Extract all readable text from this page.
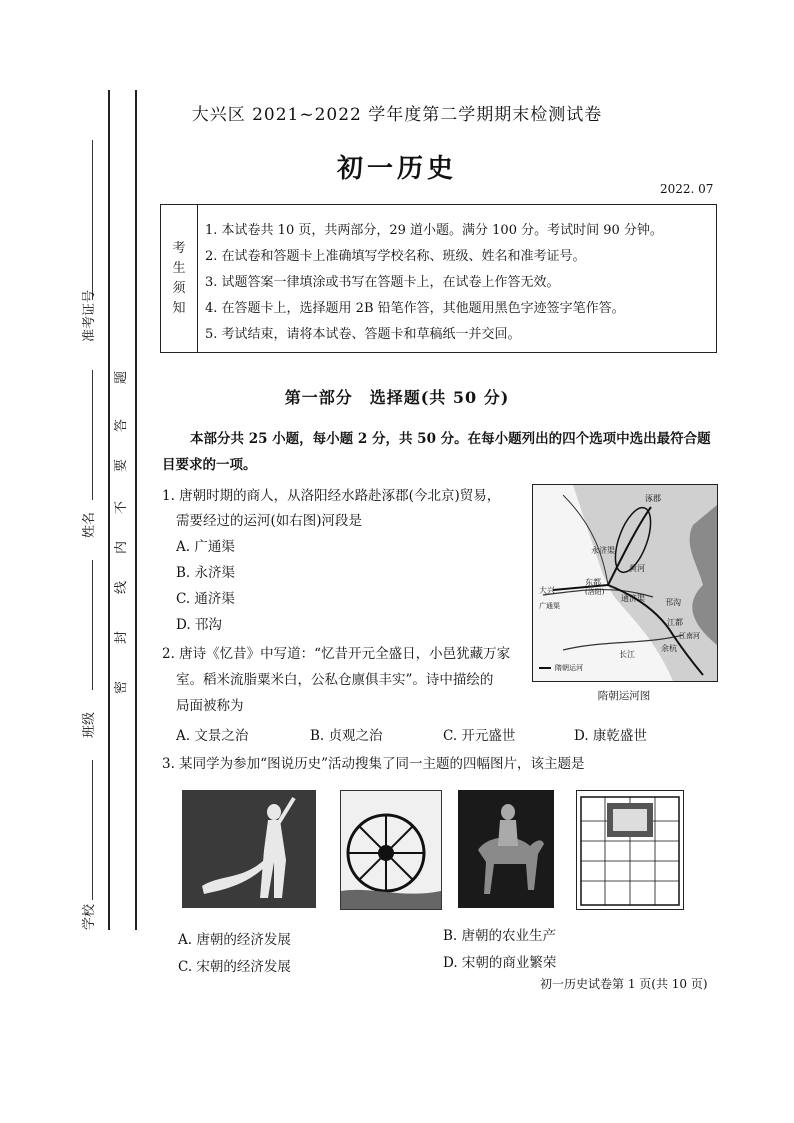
准考证号
姓名
班级
学校
密
封
线
内
不
要
答
题
大兴区 2021~2022 学年度第二学期期末检测试卷
初一历史
2022. 07
考
生
须
知
1. 本试卷共 10 页，共两部分，29 道小题。满分 100 分。考试时间 90 分钟。
2. 在试卷和答题卡上准确填写学校名称、班级、姓名和准考证号。
3. 试题答案一律填涂或书写在答题卡上，在试卷上作答无效。
4. 在答题卡上，选择题用 2B 铅笔作答，其他题用黑色字迹签字笔作答。
5. 考试结束，请将本试卷、答题卡和草稿纸一并交回。
第一部分　选择题(共 50 分)
本部分共 25 小题，每小题 2 分，共 50 分。在每小题列出的四个选项中选出最符合题
目要求的一项。
1. 唐朝时期的商人，从洛阳经水路赴涿郡(今北京)贸易，
需要经过的运河(如右图)河段是
A. 广通渠
B. 永济渠
C. 通济渠
D. 邗沟
涿郡
永济渠
通济渠
大兴
东都
(洛阳)
黄河
长江
江都
余杭
广通渠	邗沟
江南河
隋朝运河
隋朝运河图
2. 唐诗《忆昔》中写道：“忆昔开元全盛日，小邑犹藏万家
室。稻米流脂粟米白，公私仓廪俱丰实”。诗中描绘的
局面被称为
A. 文景之治	B. 贞观之治	C. 开元盛世	D. 康乾盛世
3. 某同学为参加“图说历史”活动搜集了同一主题的四幅图片，该主题是
A. 唐朝的经济发展	B. 唐朝的农业生产
C. 宋朝的经济发展	D. 宋朝的商业繁荣
初一历史试卷第 1 页(共 10 页)
